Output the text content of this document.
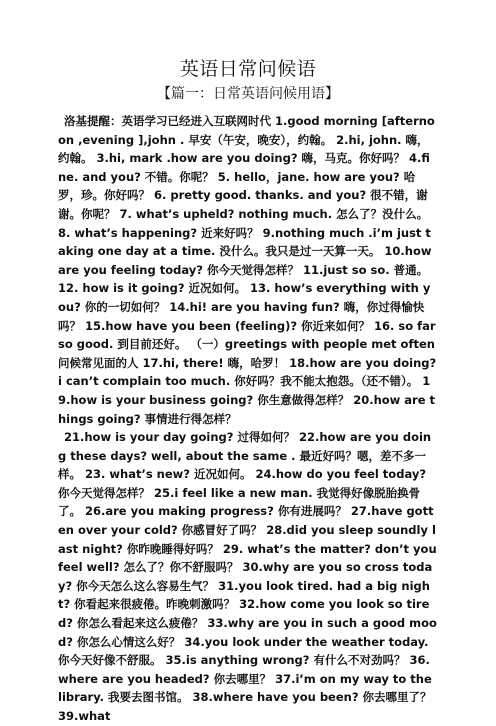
英语日常问候语
【篇一：日常英语问候用语】

洛基提醒：英语学习已经进入互联网时代 1.good morning [afternoon ,evening ],john . 早安（午安，晚安），约翰。 2.hi, john. 嗨，约翰。 3.hi, mark .how are you doing? 嗨，马克。你好吗？ 4.fine. and you? 不错。你呢？ 5. hello，jane. how are you? 哈罗，珍。你好吗？ 6. pretty good. thanks. and you? 很不错，谢谢。你呢？ 7. what’s upheld? nothing much. 怎么了？没什么。 8. what’s happening? 近来好吗？ 9.nothing much .i’m just taking one day at a time. 没什么。我只是过一天算一天。 10.how are you feeling today? 你今天觉得怎样？ 11.just so so. 普通。 12. how is it going? 近况如何。 13. how’s everything with you? 你的一切如何？ 14.hi! are you having fun? 嗨，你过得愉快吗？ 15.how have you been (feeling)? 你近来如何？ 16. so far so good. 到目前还好。 （一）greetings with people met often 问候常见面的人 17.hi, there! 嗨，哈罗！ 18.how are you doing? i can’t complain too much. 你好吗？我不能太抱怨。（还不错）。 19.how is your business going? 你生意做得怎样？ 20.how are things going? 事情进行得怎样？

21.how is your day going? 过得如何？ 22.how are you doing these days? well, about the same . 最近好吗？嗯，差不多一样。 23. what’s new? 近况如何。 24.how do you feel today? 你今天觉得怎样？ 25.i feel like a new man. 我觉得好像脱胎换骨了。 26.are you making progress? 你有进展吗？ 27.have gotten over your cold? 你感冒好了吗？ 28.did you sleep soundly last night? 你昨晚睡得好吗？ 29. what’s the matter? don’t you feel well? 怎么了？你不舒服吗？ 30.why are you so cross today? 你今天怎么这么容易生气？ 31.you look tired. had a big night? 你看起来很疲倦。昨晚刺激吗？ 32.how come you look so tired? 你怎么看起来这么疲倦？ 33.why are you in such a good mood? 你怎么心情这么好？ 34.you look under the weather today. 你今天好像不舒服。 35.is anything wrong? 有什么不对劲吗？ 36.where are you headed? 你去哪里？ 37.i’m on my way to the library. 我要去图书馆。 38.where have you been? 你去哪里了？ 39.what
